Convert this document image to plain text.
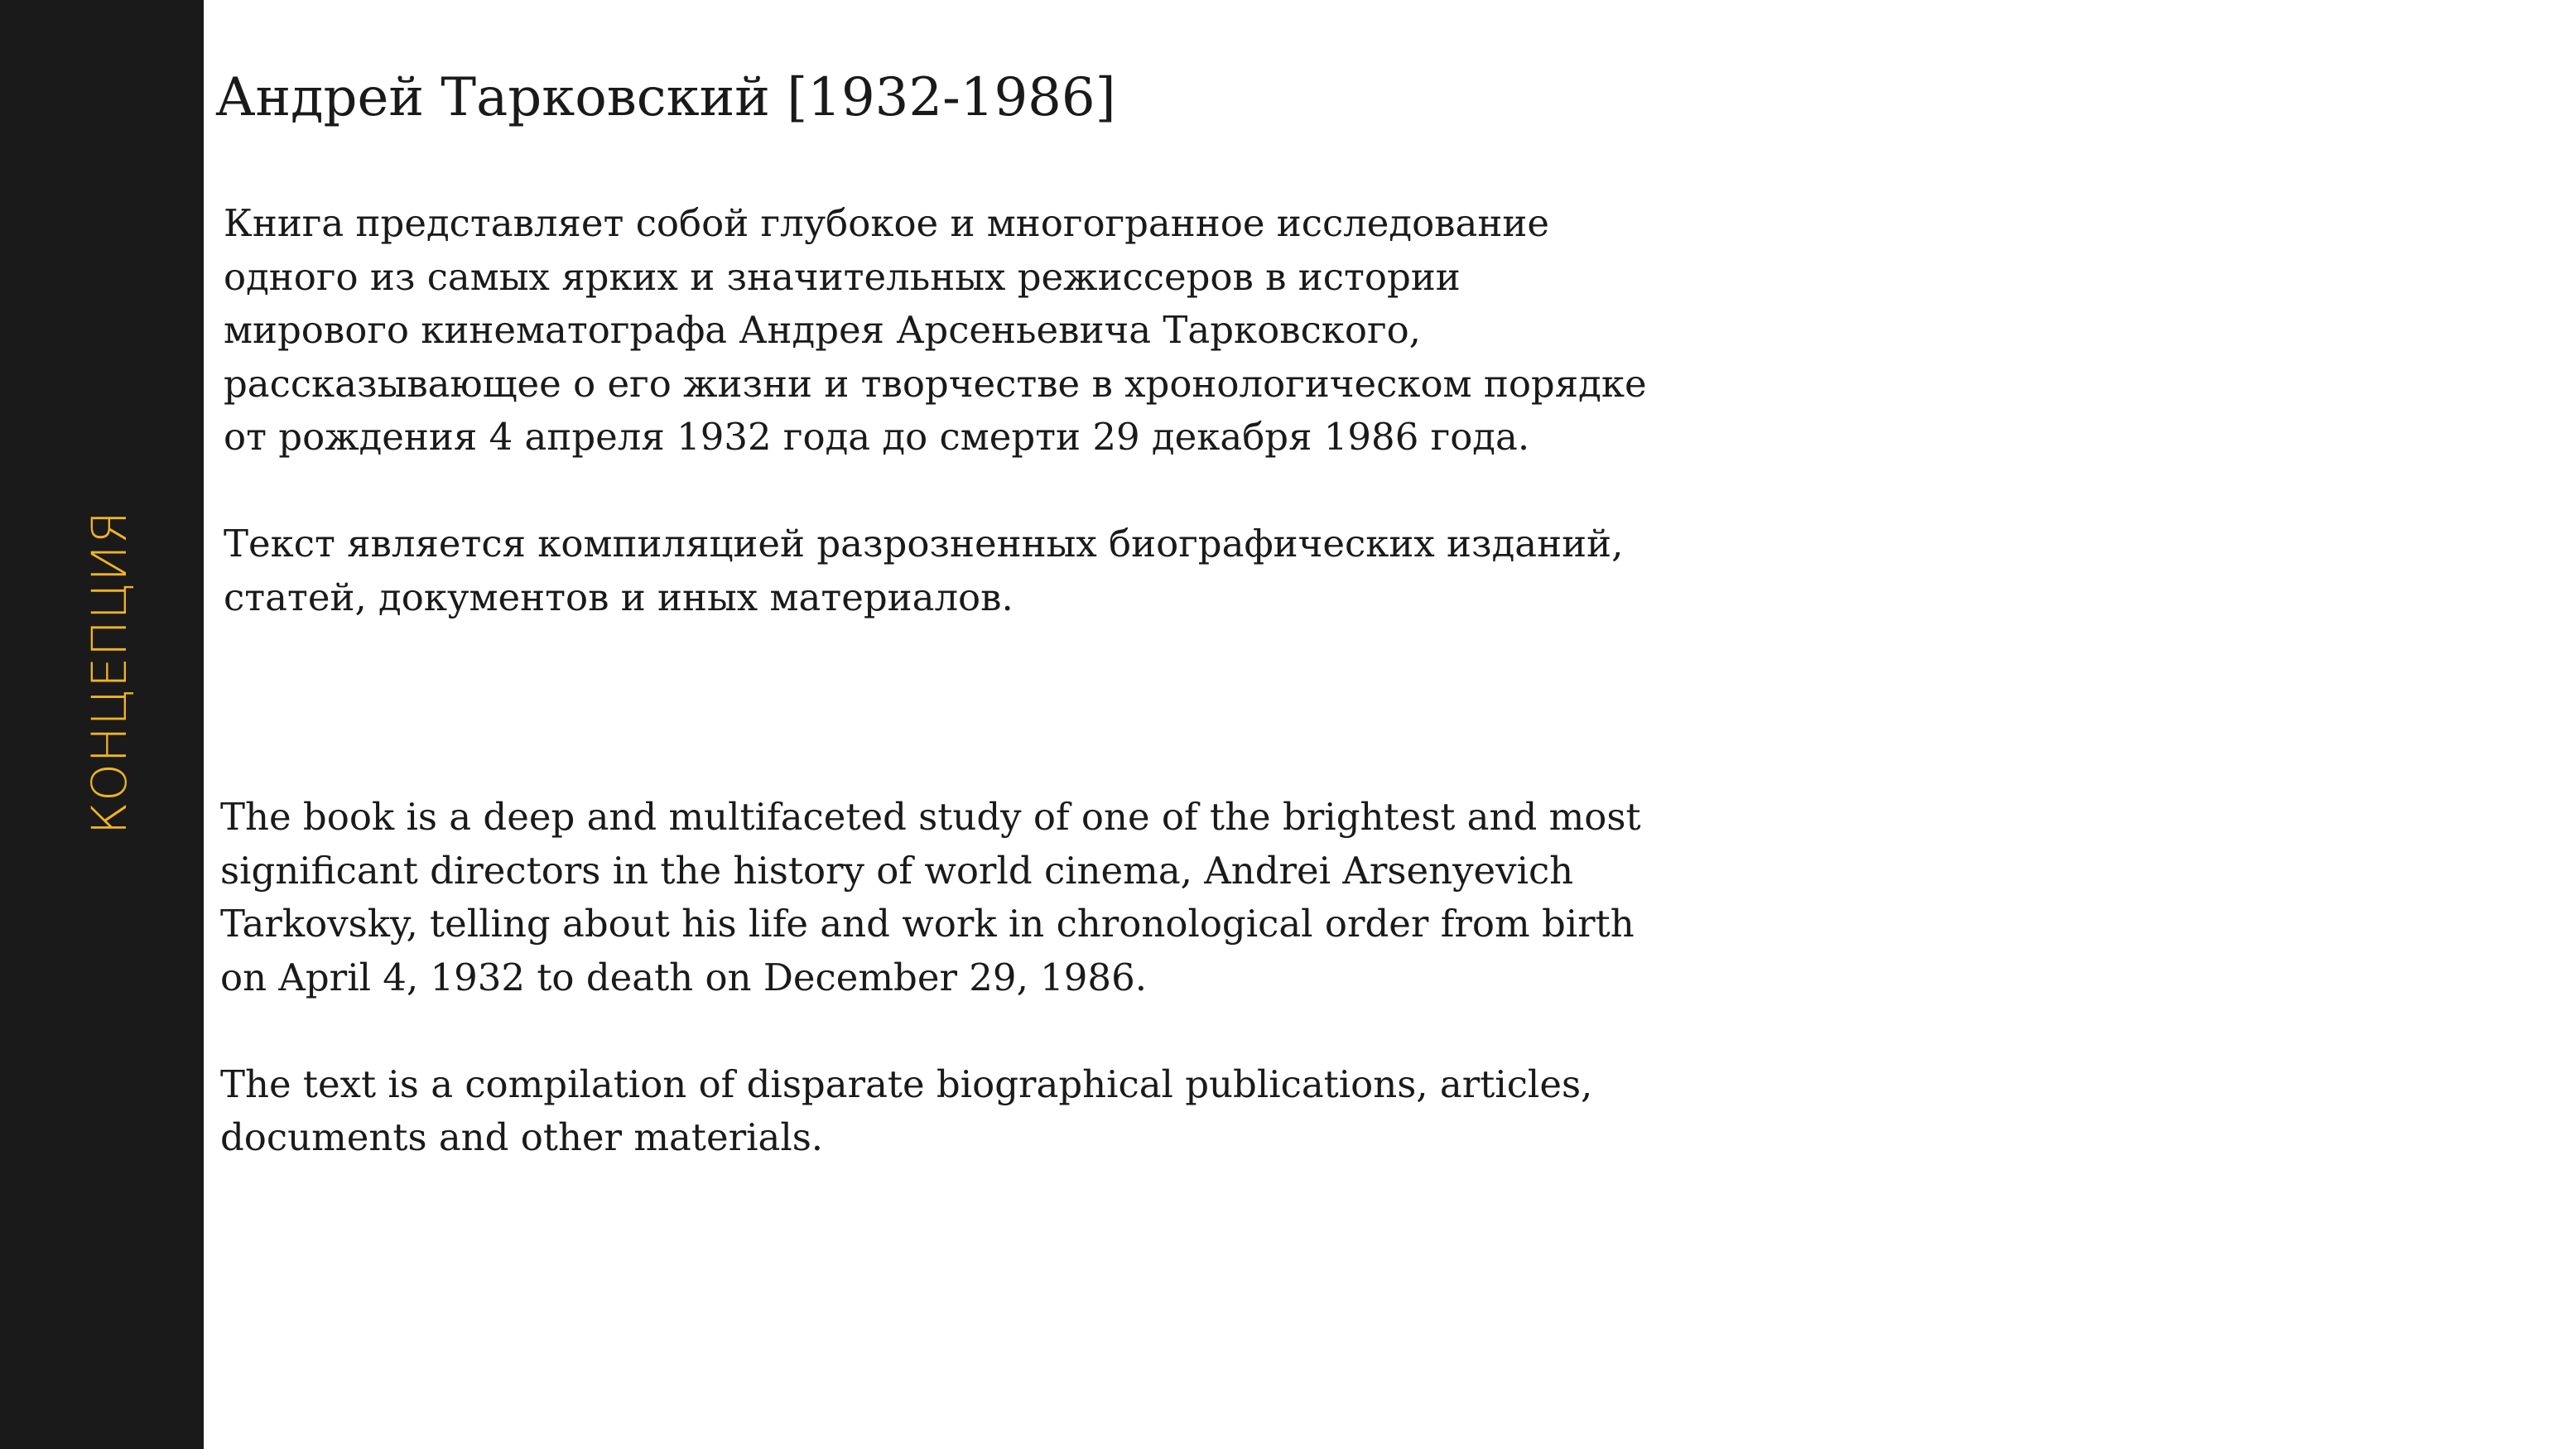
КОНЦЕПЦИЯ
Андрей Тарковский [1932-1986]

Книга представляет собой глубокое и многогранное исследование одного из самых ярких и значительных режиссеров в истории мирового кинематографа Андрея Арсеньевича Тарковского, рассказывающее о его жизни и творчестве в хронологическом порядке от рождения 4 апреля 1932 года до смерти 29 декабря 1986 года.

Текст является компиляцией разрозненных биографических изданий, статей, документов и иных материалов.

The book is a deep and multifaceted study of one of the brightest and most significant directors in the history of world cinema, Andrei Arsenyevich Tarkovsky, telling about his life and work in chronological order from birth on April 4, 1932 to death on December 29, 1986.

The text is a compilation of disparate biographical publications, articles, documents and other materials.
